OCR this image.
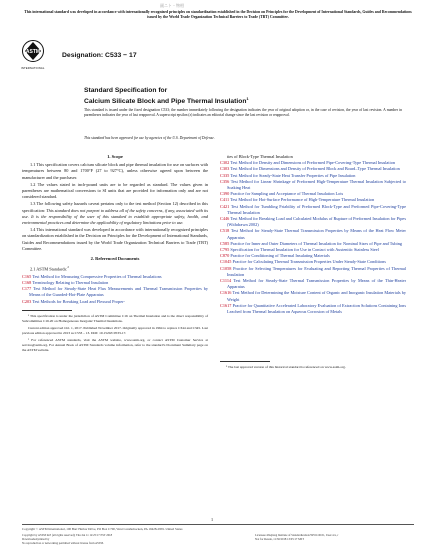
副ニト・物相
This international standard was developed in accordance with internationally recognized principles on standardization established in the Decision on Principles for the Development of International Standards, Guides and Recommendations issued by the World Trade Organization Technical Barriers to Trade (TBT) Committee.
ASTM
INTERNATIONAL
Designation: C533 − 17
Standard Specification for
Calcium Silicate Block and Pipe Thermal Insulation$^1$
This standard is issued under the fixed designation C533; the number immediately following the designation indicates the year of original adoption or, in the case of revision, the year of last revision. A number in parentheses indicates the year of last reapproval. A superscript epsilon (ε) indicates an editorial change since the last revision or reapproval.
This standard has been approved for use by agencies of the U.S. Department of Defense.
1. Scope

1.1 This specification covers calcium silicate block and pipe thermal insulation for use on surfaces with temperatures between 80 and 1700°F (27 to 927°C), unless otherwise agreed upon between the manufacturer and the purchaser.

1.2 The values stated in inch-pound units are to be regarded as standard. The values given in parentheses are mathematical conversions to SI units that are provided for information only and are not considered standard.

1.3 The following safety hazards caveat pertains only to the test method (Section 12) described in this specification: This standard does not purport to address all of the safety concerns, if any, associated with its use. It is the responsibility of the user of this standard to establish appropriate safety, health, and environmental practices and determine the applicability of regulatory limitations prior to use.

1.4 This international standard was developed in accordance with internationally recognized principles on standardization established in the Decision on Principles for the Development of International Standards, Guides and Recommendations issued by the World Trade Organization Technical Barriers to Trade (TBT) Committee.

2. Referenced Documents

2.1 ASTM Standards:$^2$

C165 Test Method for Measuring Compressive Properties of Thermal Insulations

C168 Terminology Relating to Thermal Insulation

C177 Test Method for Steady-State Heat Flux Measurements and Thermal Transmission Properties by Means of the Guarded-Hot-Plate Apparatus

C203 Test Methods for Breaking Load and Flexural Proper-

¹ This specification is under the jurisdiction of ASTM Committee C16 on Thermal Insulation and is the direct responsibility of Subcommittee C16.20 on Homogeneous Inorganic Thermal Insulations.

Current edition approved Oct. 1, 2017. Published November 2017. Originally approved in 1964 to replace C344 and C345. Last previous edition approved in 2013 as C533 – 13. DOI: 10.1520/C0533-17.

² For referenced ASTM standards, visit the ASTM website, www.astm.org, or contact ASTM Customer Service at service@astm.org. For Annual Book of ASTM Standards volume information, refer to the standard's Document Summary page on the ASTM website.

ties of Block-Type Thermal Insulation

C302 Test Method for Density and Dimensions of Preformed Pipe-Covering-Type Thermal Insulation

C303 Test Method for Dimensions and Density of Preformed Block and Board–Type Thermal Insulation

C335 Test Method for Steady-State Heat Transfer Properties of Pipe Insulation

C356 Test Method for Linear Shrinkage of Preformed High-Temperature Thermal Insulation Subjected to Soaking Heat

C390 Practice for Sampling and Acceptance of Thermal Insulation Lots

C411 Test Method for Hot-Surface Performance of High-Temperature Thermal Insulation

C421 Test Method for Tumbling Friability of Preformed Block-Type and Preformed Pipe-Covering-Type Thermal Insulation

C446 Test Method for Breaking Load and Calculated Modulus of Rupture of Preformed Insulation for Pipes (Withdrawn 2002)

C518 Test Method for Steady-State Thermal Transmission Properties by Means of the Heat Flow Meter Apparatus

C585 Practice for Inner and Outer Diameters of Thermal Insulation for Nominal Sizes of Pipe and Tubing

C795 Specification for Thermal Insulation for Use in Contact with Austenitic Stainless Steel

C870 Practice for Conditioning of Thermal Insulating Materials

C1045 Practice for Calculating Thermal Transmission Properties Under Steady-State Conditions

C1058 Practice for Selecting Temperatures for Evaluating and Reporting Thermal Properties of Thermal Insulation

C1114 Test Method for Steady-State Thermal Transmission Properties by Means of the Thin-Heater Apparatus

C1616 Test Method for Determining the Moisture Content of Organic and Inorganic Insulation Materials by Weight

C1617 Practice for Quantitative Accelerated Laboratory Evaluation of Extraction Solutions Containing Ions Leached from Thermal Insulation on Aqueous Corrosion of Metals

³ The last approved version of this historical standard is referenced on www.astm.org.

1
Copyright © ASTM International, 100 Barr Harbor Drive, PO Box C700, West Conshohocken, PA 19428-2959. United States
Copyright by ASTM Int'l (all rights reserved); Thu Jan 11 12:25:17 EST 2018
Downloaded/printed by
No reproduction or networking permitted without license from ASTM.
Licensee=Zhejiang Institute of Standardization/5955110101, User=xx, r
Not for Resale, 11/30/2018 13:05:17 MST
